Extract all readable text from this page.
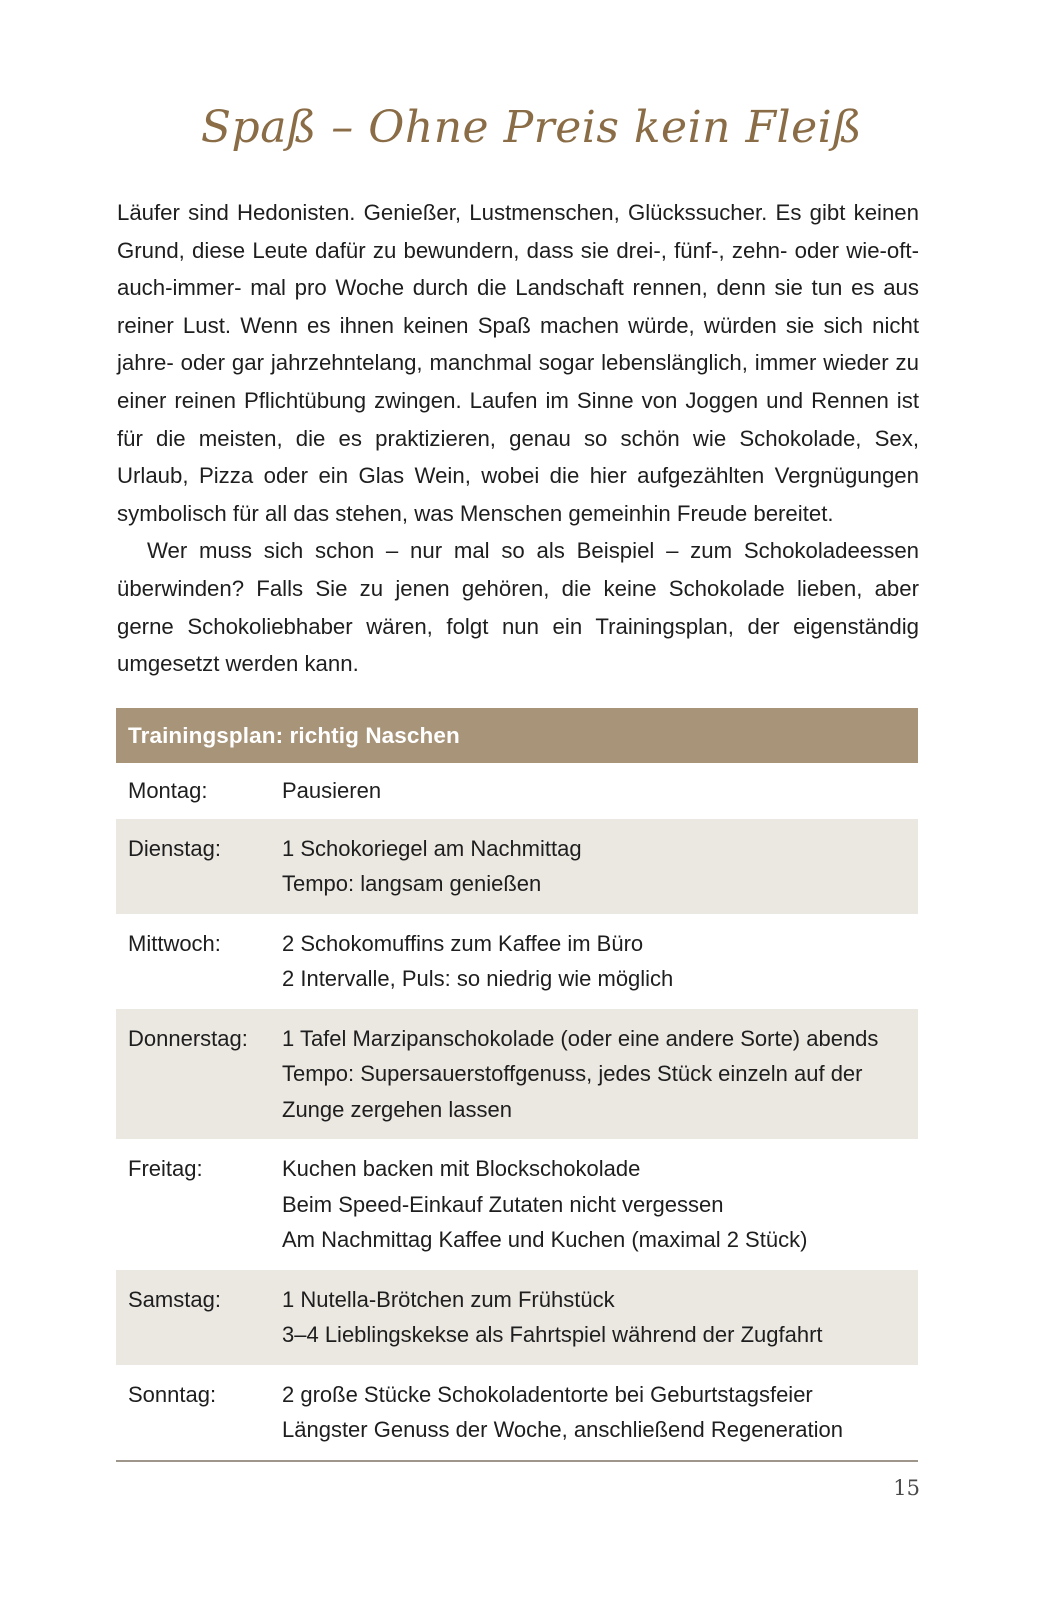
Spaß – Ohne Preis kein Fleiß

Läufer sind Hedonisten. Genießer, Lustmenschen, Glückssucher. Es gibt keinen Grund, diese Leute dafür zu bewundern, dass sie drei-, fünf-, zehn- oder wie-oft-auch-immer- mal pro Woche durch die Landschaft rennen, denn sie tun es aus reiner Lust. Wenn es ihnen keinen Spaß machen würde, würden sie sich nicht jahre- oder gar jahrzehntelang, manchmal sogar lebenslänglich, immer wieder zu einer reinen Pflichtübung zwingen. Laufen im Sinne von Joggen und Rennen ist für die meisten, die es praktizieren, genau so schön wie Schokolade, Sex, Urlaub, Pizza oder ein Glas Wein, wobei die hier aufgezählten Vergnügungen symbolisch für all das stehen, was Menschen gemeinhin Freude bereitet.

Wer muss sich schon – nur mal so als Beispiel – zum Schokoladeessen überwinden? Falls Sie zu jenen gehören, die keine Schokolade lieben, aber gerne Schokoliebhaber wären, folgt nun ein Trainingsplan, der eigenständig umgesetzt werden kann.

Trainingsplan: richtig Naschen
Montag:	Pausieren
Dienstag:	1 Schokoriegel am Nachmittag
Tempo: langsam genießen
Mittwoch:	2 Schokomuffins zum Kaffee im Büro
2 Intervalle, Puls: so niedrig wie möglich
Donnerstag:	1 Tafel Marzipanschokolade (oder eine andere Sorte) abends
Tempo: Supersauerstoffgenuss, jedes Stück einzeln auf der
Zunge zergehen lassen
Freitag:	Kuchen backen mit Blockschokolade
Beim Speed-Einkauf Zutaten nicht vergessen
Am Nachmittag Kaffee und Kuchen (maximal 2 Stück)
Samstag:	1 Nutella-Brötchen zum Frühstück
3–4 Lieblingskekse als Fahrtspiel während der Zugfahrt
Sonntag:	2 große Stücke Schokoladentorte bei Geburtstagsfeier
Längster Genuss der Woche, anschließend Regeneration
15
